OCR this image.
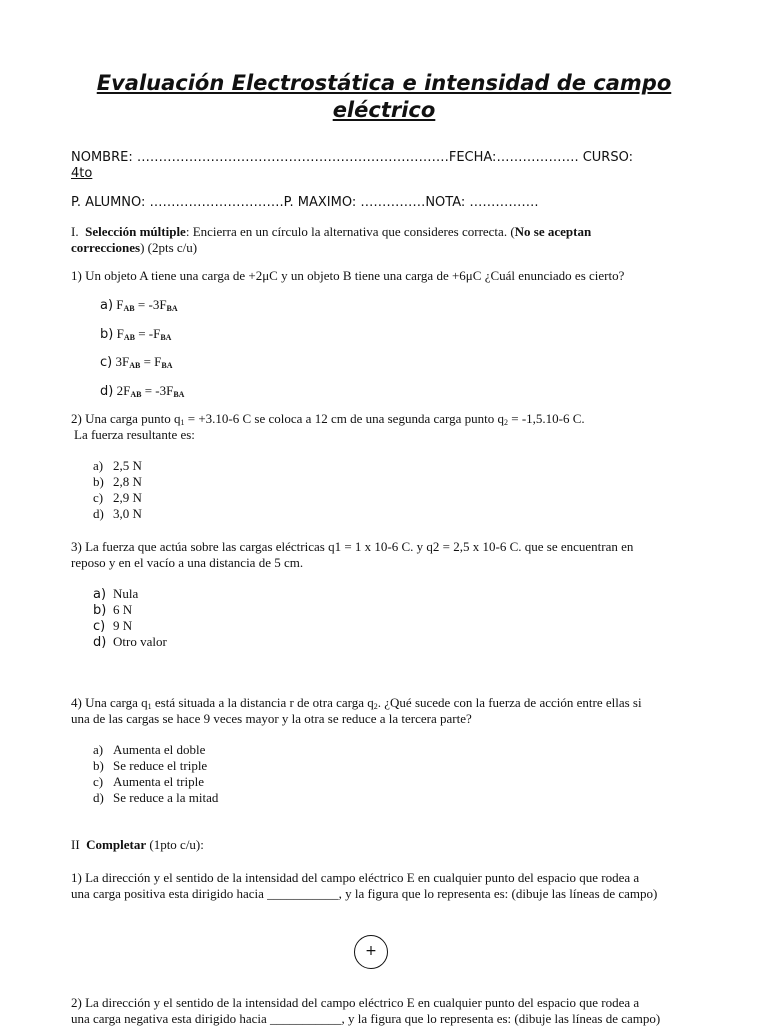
Evaluación Electrostática e intensidad de campo
eléctrico
NOMBRE: ………………………………………………………………FECHA:………………. CURSO:
4to
P. ALUMNO: ………………………….P. MAXIMO: ……………NOTA: …………….
I. Selección múltiple: Encierra en un círculo la alternativa que consideres correcta. (No se aceptan
correcciones) (2pts c/u)
1) Un objeto A tiene una carga de +2μC y un objeto B tiene una carga de +6μC ¿Cuál enunciado es cierto?
a) $F_{AB} = -3F_{BA}$
b) $F_{AB} = -F_{BA}$
c) $3F_{AB} = F_{BA}$
d) $2F_{AB} = -3F_{BA}$
2) Una carga punto $q_1 = +3.10-6$ C se coloca a 12 cm de una segunda carga punto $q_2 = -1,5.10-6$ C.
La fuerza resultante es:
a) 2,5 N
b) 2,8 N
c) 2,9 N
d) 3,0 N
3) La fuerza que actúa sobre las cargas eléctricas q1 = 1 x 10-6 C. y q2 = 2,5 x 10-6 C. que se encuentran en
reposo y en el vacío a una distancia de 5 cm.
a) Nula
b) 6 N
c) 9 N
d) Otro valor
4) Una carga $q_1$ está situada a la distancia r de otra carga $q_2$. ¿Qué sucede con la fuerza de acción entre ellas si
una de las cargas se hace 9 veces mayor y la otra se reduce a la tercera parte?
a) Aumenta el doble
b) Se reduce el triple
c) Aumenta el triple
d) Se reduce a la mitad
II Completar (1pto c/u):
1) La dirección y el sentido de la intensidad del campo eléctrico E en cualquier punto del espacio que rodea a
una carga positiva esta dirigido hacia ___________, y la figura que lo representa es: (dibuje las líneas de campo)
+
2) La dirección y el sentido de la intensidad del campo eléctrico E en cualquier punto del espacio que rodea a
una carga negativa esta dirigido hacia ___________, y la figura que lo representa es: (dibuje las líneas de campo)
